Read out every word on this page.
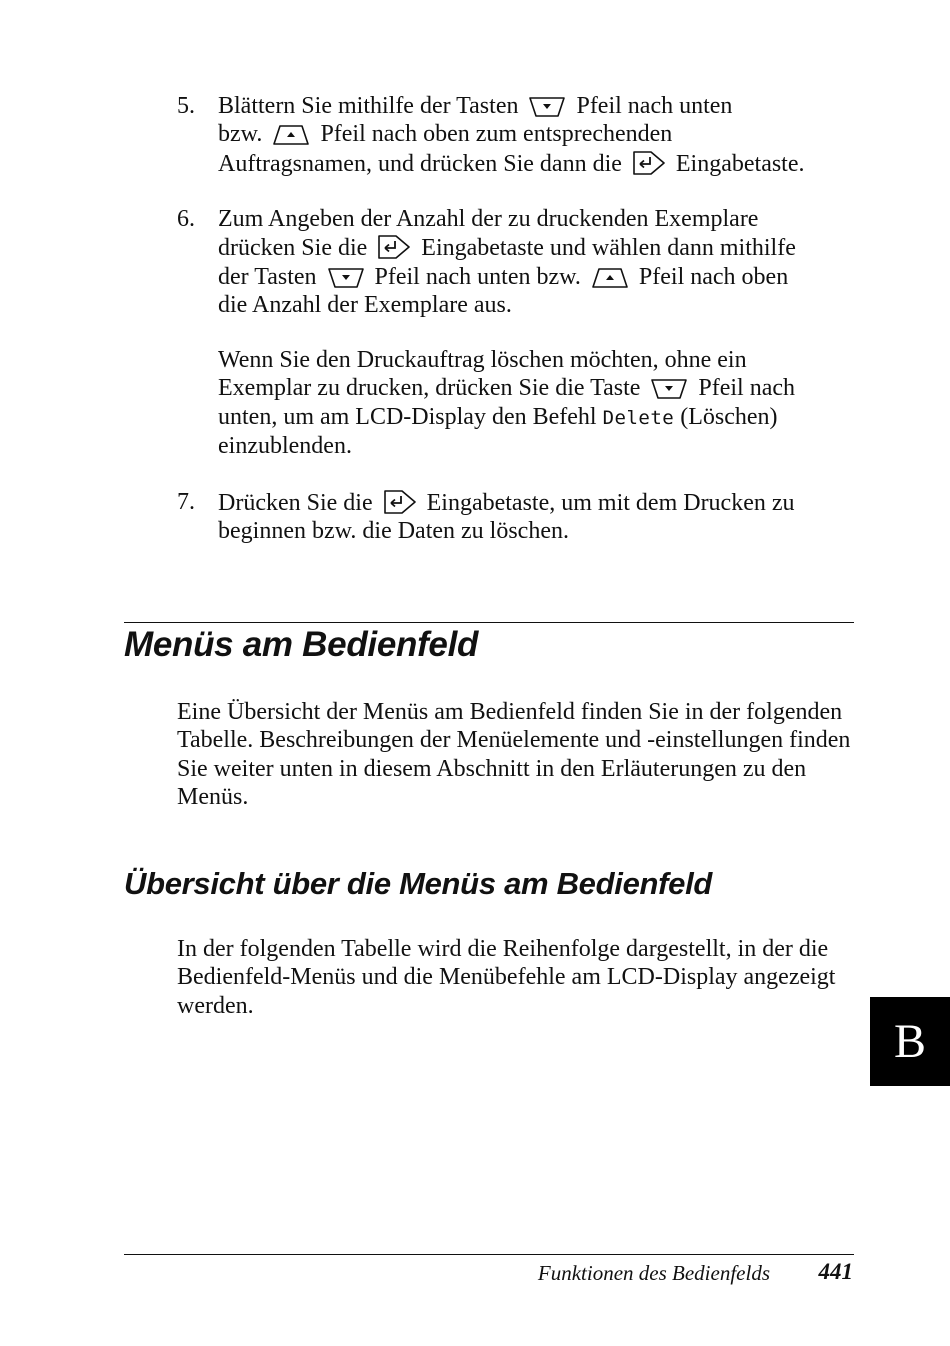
5. Blättern Sie mithilfe der Tasten Pfeil nach unten
bzw. Pfeil nach oben zum entsprechenden
Auftragsnamen, und drücken Sie dann die Eingabetaste.
6. Zum Angeben der Anzahl der zu druckenden Exemplare
drücken Sie die Eingabetaste und wählen dann mithilfe
der Tasten Pfeil nach unten bzw. Pfeil nach oben
die Anzahl der Exemplare aus.
Wenn Sie den Druckauftrag löschen möchten, ohne ein
Exemplar zu drucken, drücken Sie die Taste Pfeil nach
unten, um am LCD-Display den Befehl Delete (Löschen)
einzublenden.
7. Drücken Sie die Eingabetaste, um mit dem Drucken zu
beginnen bzw. die Daten zu löschen.
Menüs am Bedienfeld
Eine Übersicht der Menüs am Bedienfeld finden Sie in der folgenden Tabelle. Beschreibungen der Menüelemente und -einstellungen finden Sie weiter unten in diesem Abschnitt in den Erläuterungen zu den Menüs.
Übersicht über die Menüs am Bedienfeld
In der folgenden Tabelle wird die Reihenfolge dargestellt, in der die Bedienfeld-Menüs und die Menübefehle am LCD-Display angezeigt werden.
B
Funktionen des Bedienfelds 441
